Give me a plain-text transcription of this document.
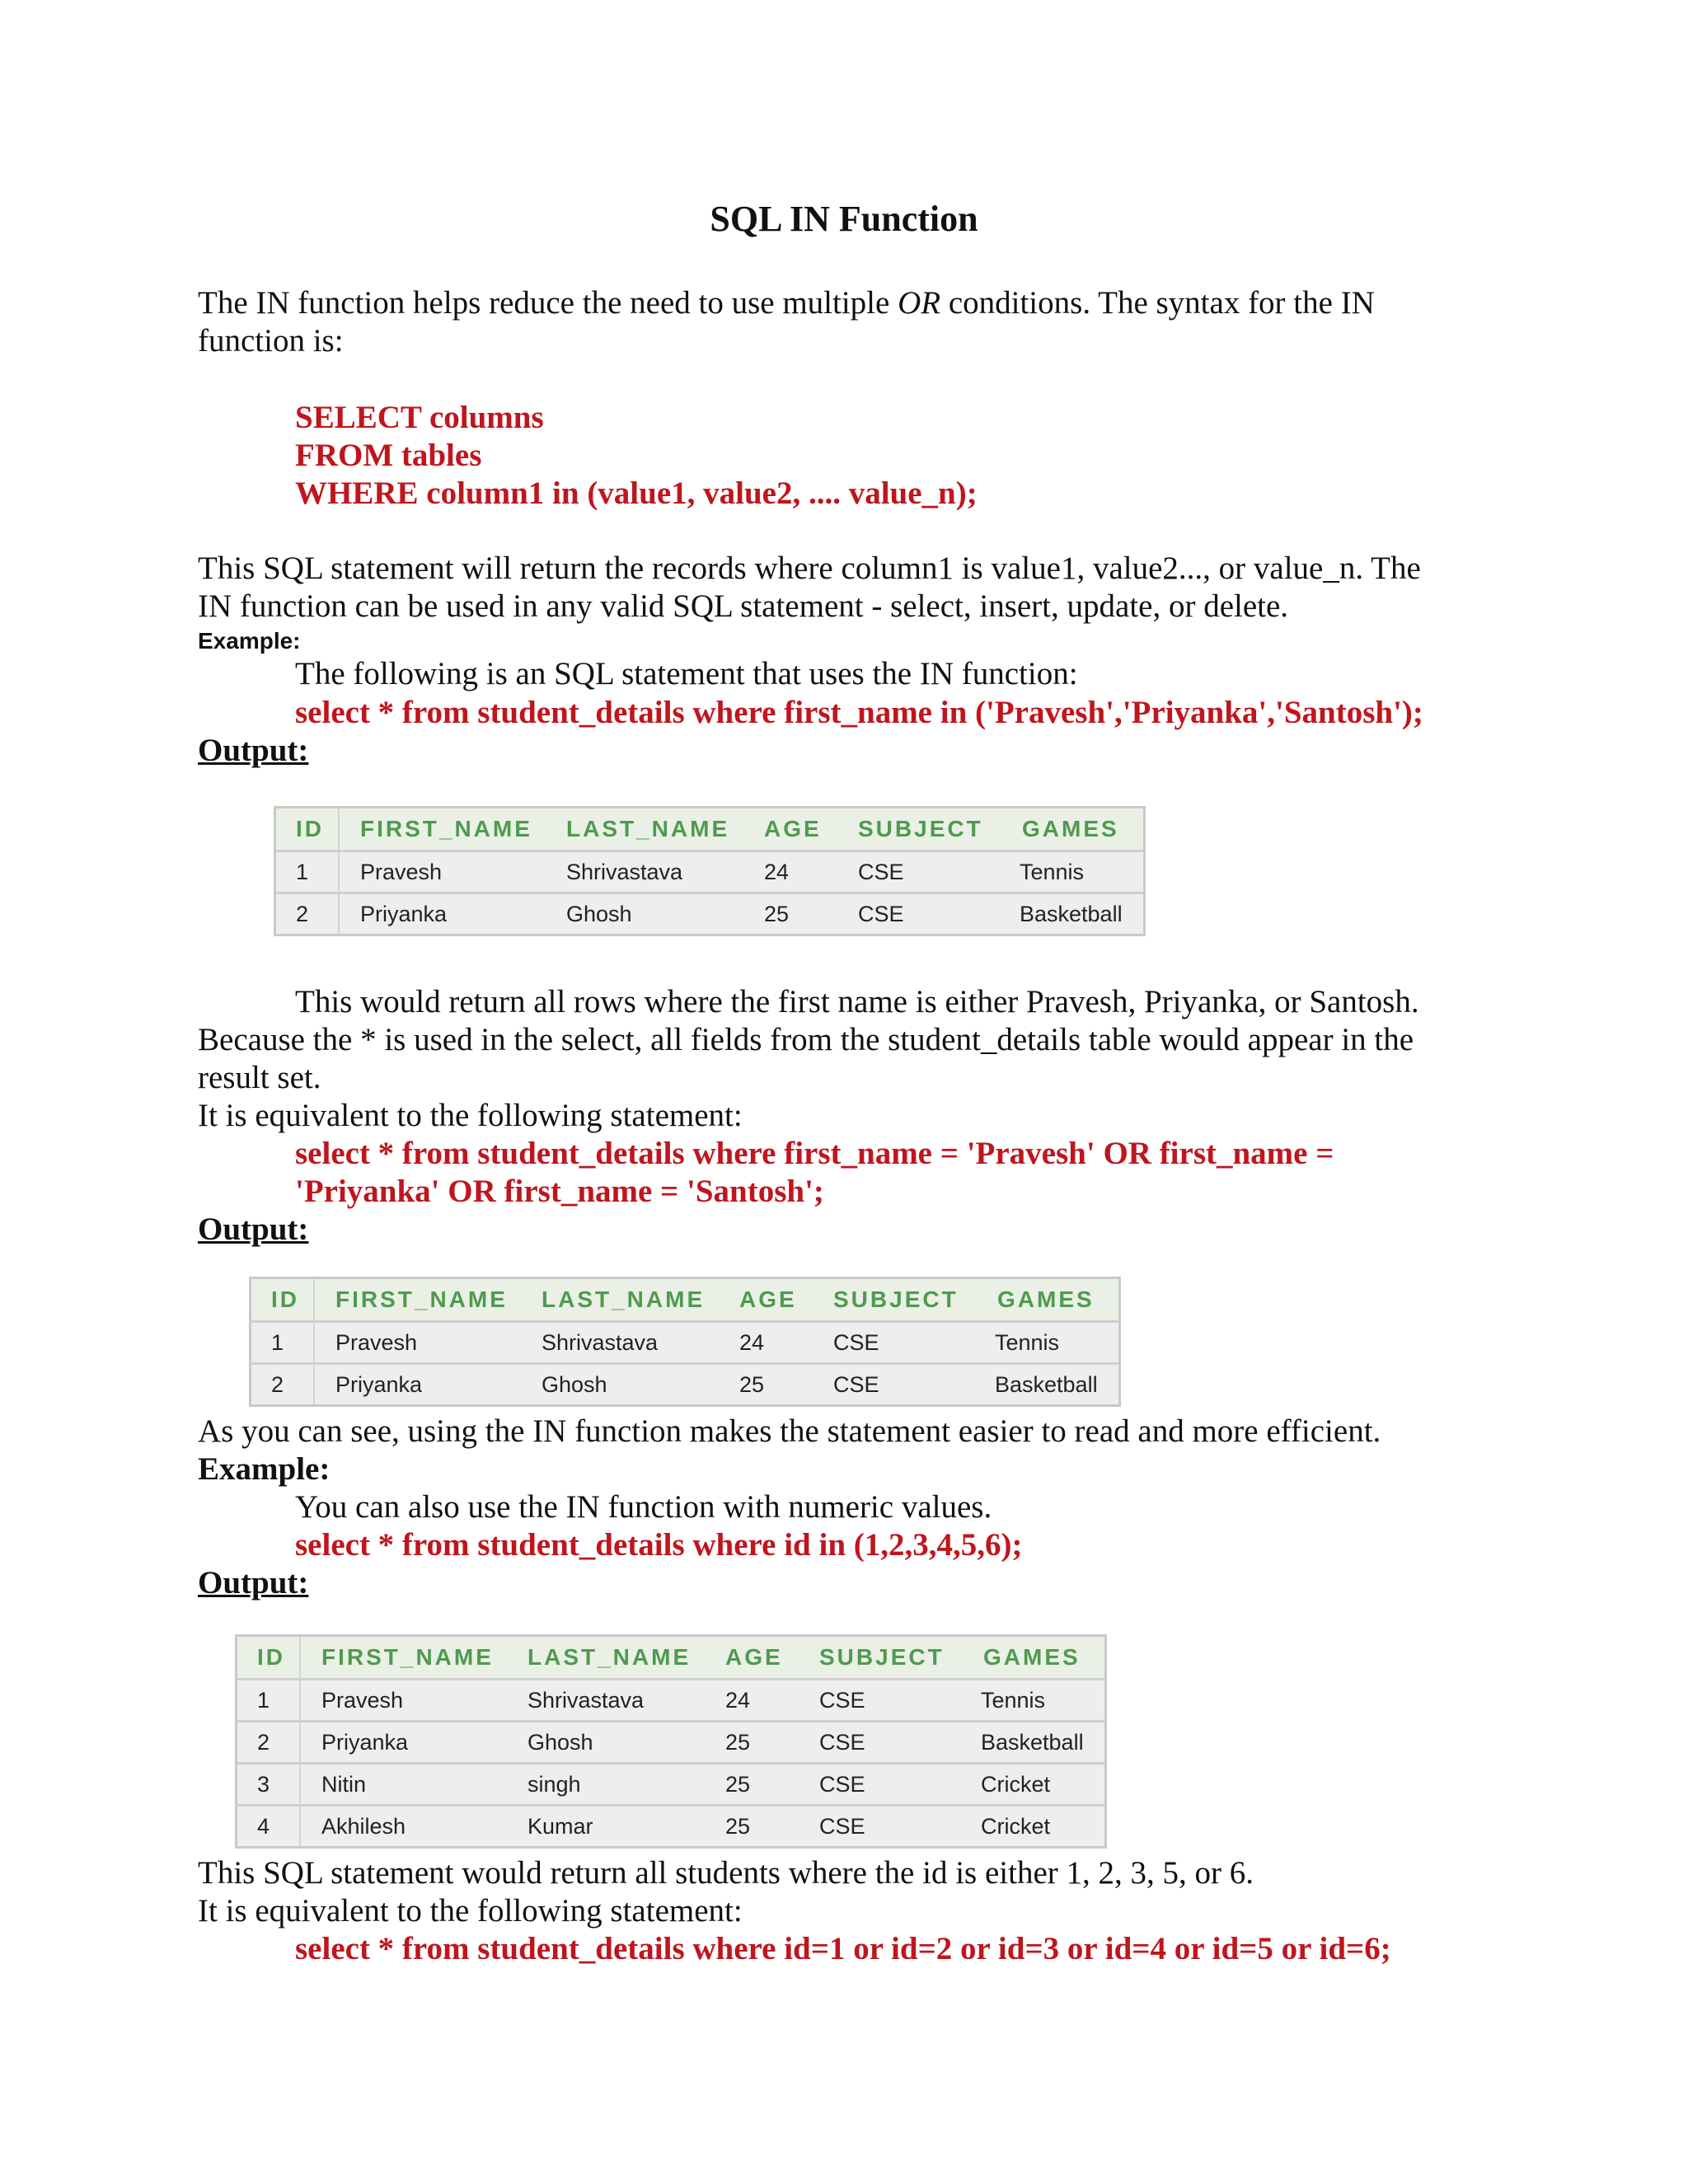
SQL IN Function
The IN function helps reduce the need to use multiple OR conditions. The syntax for the IN
function is:
SELECT columns
FROM tables
WHERE column1 in (value1, value2, .... value_n);
This SQL statement will return the records where column1 is value1, value2..., or value_n. The
IN function can be used in any valid SQL statement - select, insert, update, or delete.
Example:
The following is an SQL statement that uses the IN function:
select * from student_details where first_name in ('Pravesh','Priyanka','Santosh');
Output:
ID FIRST_NAME LAST_NAME AGE SUBJECT GAMES
1 Pravesh	Shrivastava	24	CSE	Tennis
2 Priyanka	Ghosh	25	CSE	Basketball
This would return all rows where the first name is either Pravesh, Priyanka, or Santosh.
Because the * is used in the select, all fields from the student_details table would appear in the
result set.
It is equivalent to the following statement:
select * from student_details where first_name = 'Pravesh' OR first_name =
'Priyanka' OR first_name = 'Santosh';
Output:
ID FIRST_NAME LAST_NAME AGE SUBJECT GAMES
1 Pravesh	Shrivastava	24	CSE	Tennis
2 Priyanka	Ghosh	25	CSE	Basketball
As you can see, using the IN function makes the statement easier to read and more efficient.
Example:
You can also use the IN function with numeric values.
select * from student_details where id in (1,2,3,4,5,6);
Output:
ID FIRST_NAME LAST_NAME AGE SUBJECT GAMES
1 Pravesh	Shrivastava	24	CSE	Tennis
2 Priyanka	Ghosh	25	CSE	Basketball
3 Nitin	singh	25	CSE	Cricket
4 Akhilesh	Kumar	25	CSE	Cricket
This SQL statement would return all students where the id is either 1, 2, 3, 5, or 6.
It is equivalent to the following statement:
select * from student_details where id=1 or id=2 or id=3 or id=4 or id=5 or id=6;
